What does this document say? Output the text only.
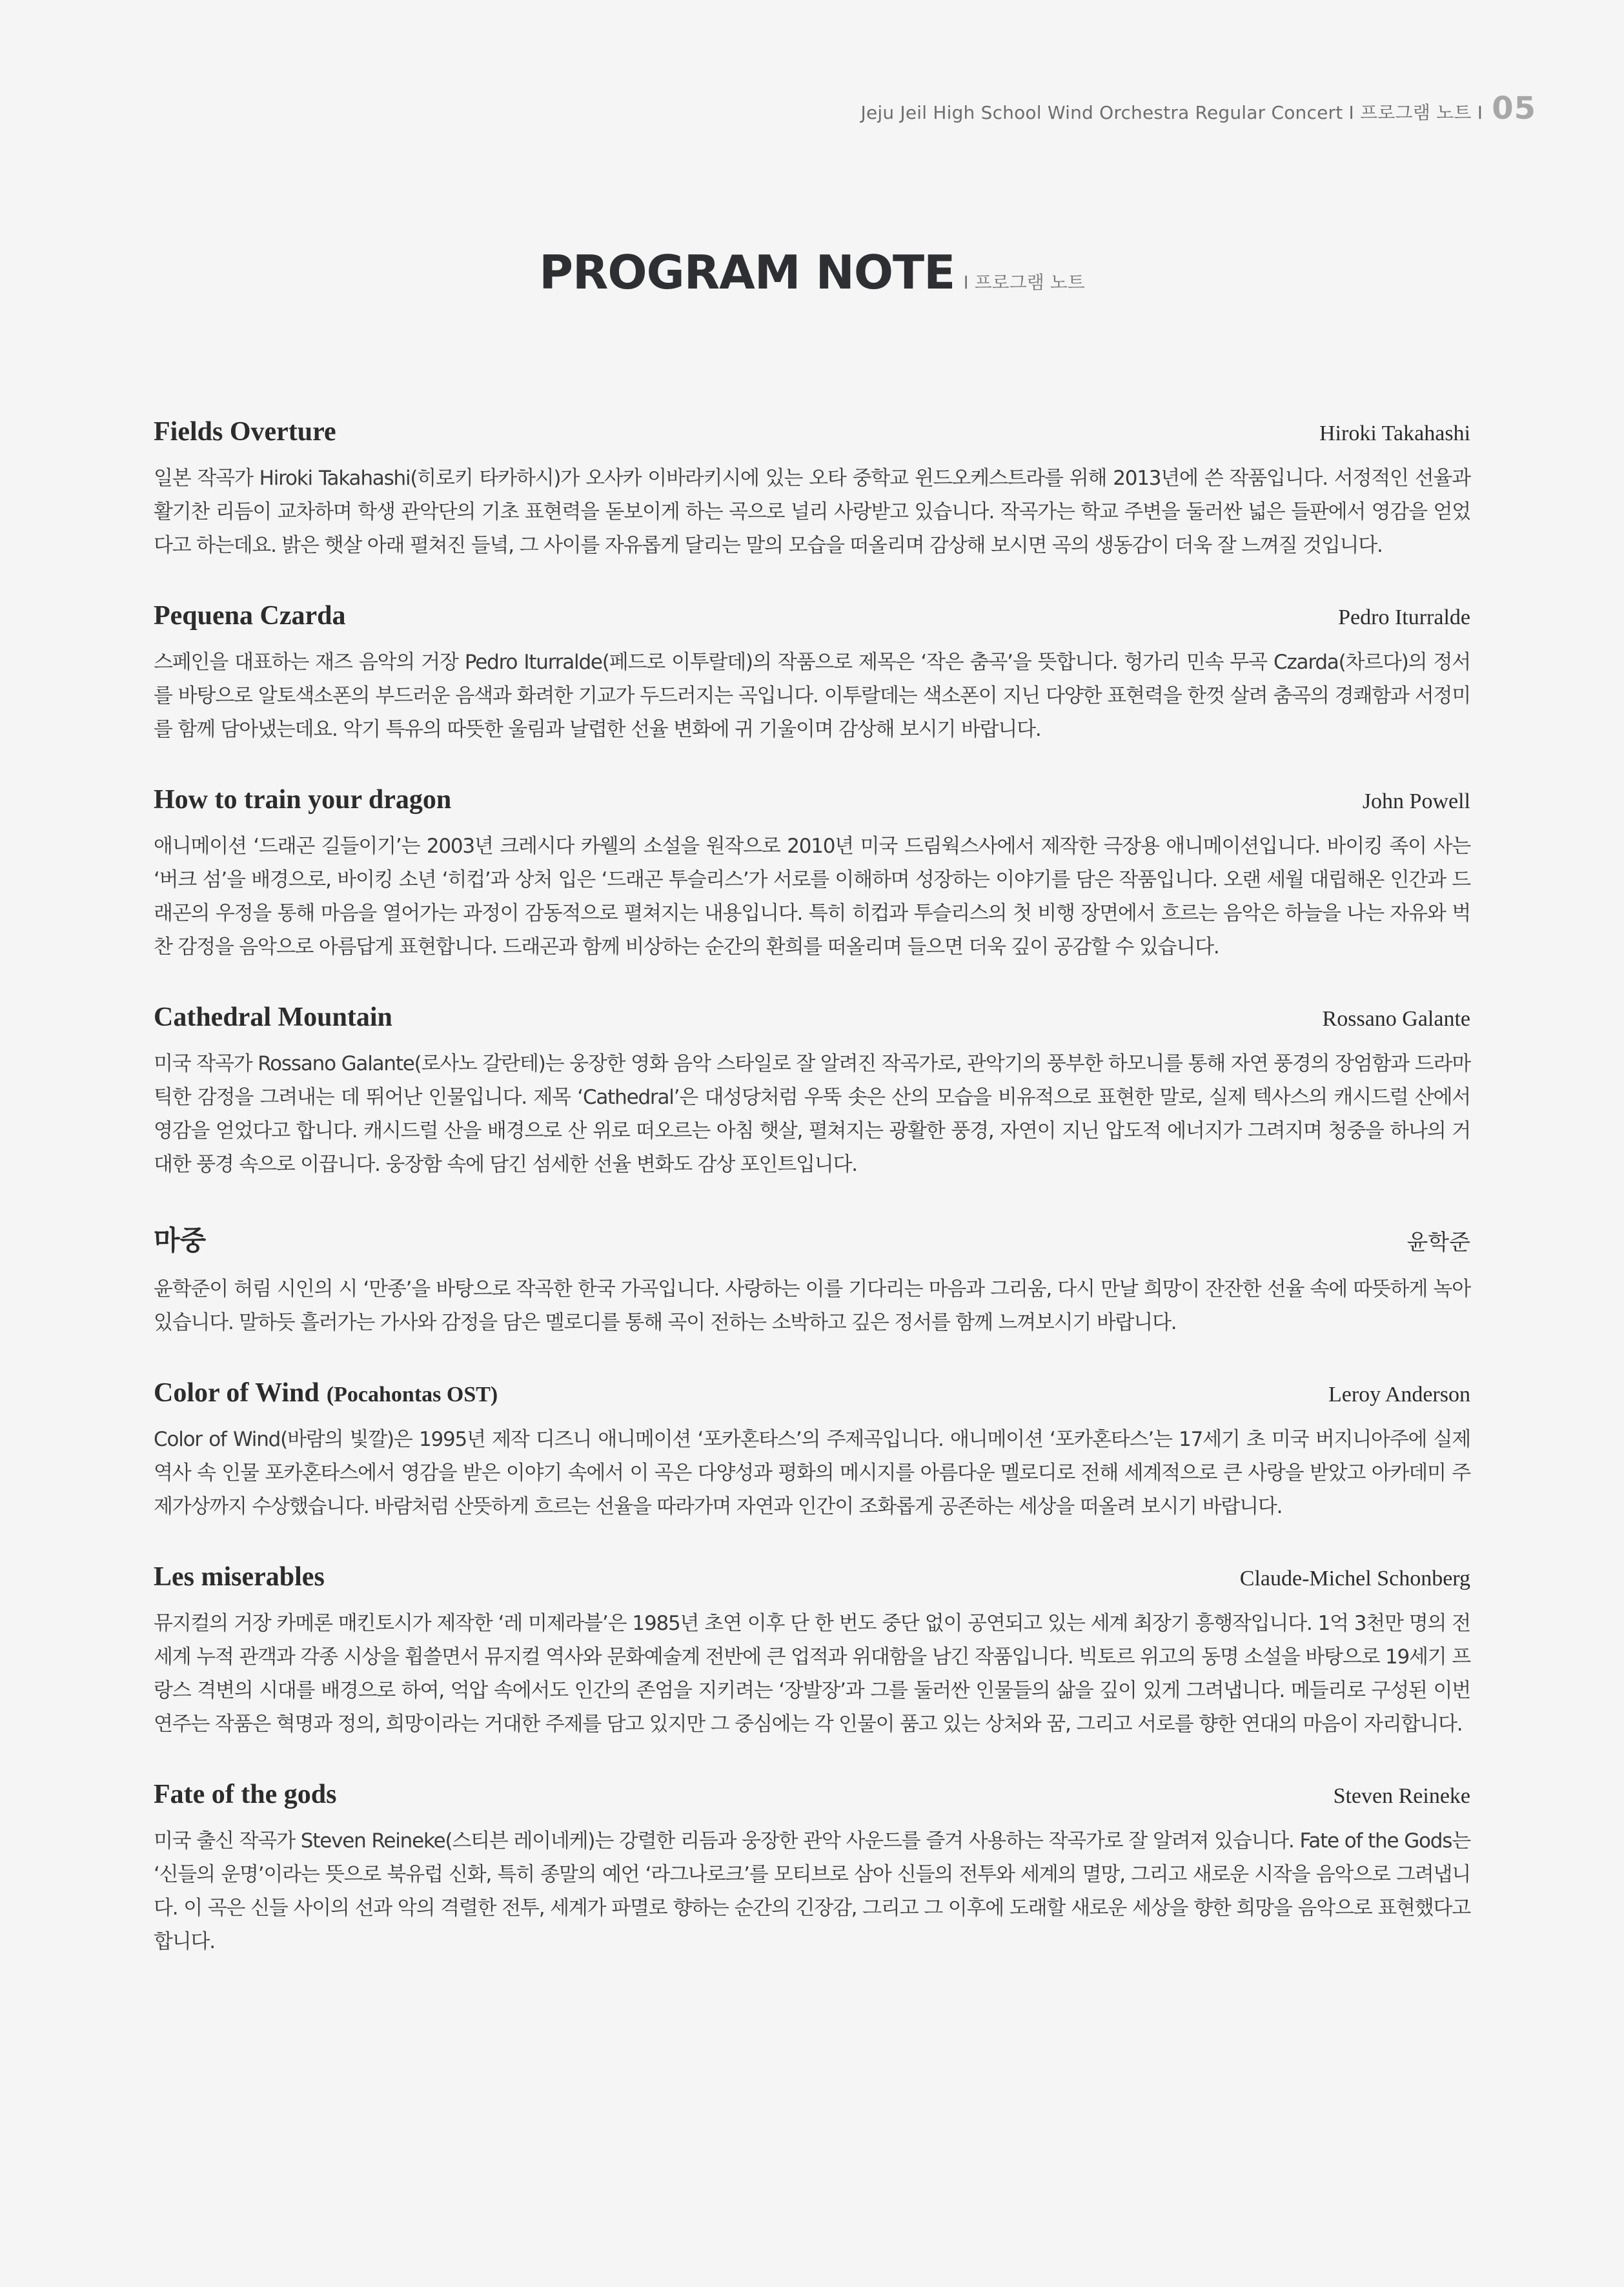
Jeju Jeil High School Wind Orchestra Regular Concert I 프로그램 노트 I 05
PROGRAM NOTE I 프로그램 노트
Fields Overture	Hiroki Takahashi

일본 작곡가 Hiroki Takahashi(히로키 타카하시)가 오사카 이바라키시에 있는 오타 중학교 윈드오케스트라를 위해 2013년에 쓴 작품입니다. 서정적인 선율과 활기찬 리듬이 교차하며 학생 관악단의 기초 표현력을 돋보이게 하는 곡으로 널리 사랑받고 있습니다. 작곡가는 학교 주변을 둘러싼 넓은 들판에서 영감을 얻었다고 하는데요. 밝은 햇살 아래 펼쳐진 들녘, 그 사이를 자유롭게 달리는 말의 모습을 떠올리며 감상해 보시면 곡의 생동감이 더욱 잘 느껴질 것입니다.

Pequena Czarda	Pedro Iturralde

스페인을 대표하는 재즈 음악의 거장 Pedro Iturralde(페드로 이투랄데)의 작품으로 제목은 ‘작은 춤곡’을 뜻합니다. 헝가리 민속 무곡 Czarda(차르다)의 정서를 바탕으로 알토색소폰의 부드러운 음색과 화려한 기교가 두드러지는 곡입니다. 이투랄데는 색소폰이 지닌 다양한 표현력을 한껏 살려 춤곡의 경쾌함과 서정미를 함께 담아냈는데요. 악기 특유의 따뜻한 울림과 날렵한 선율 변화에 귀 기울이며 감상해 보시기 바랍니다.

How to train your dragon	John Powell

애니메이션 ‘드래곤 길들이기’는 2003년 크레시다 카웰의 소설을 원작으로 2010년 미국 드림웍스사에서 제작한 극장용 애니메이션입니다. 바이킹 족이 사는 ‘버크 섬’을 배경으로, 바이킹 소년 ‘히컵’과 상처 입은 ‘드래곤 투슬리스’가 서로를 이해하며 성장하는 이야기를 담은 작품입니다. 오랜 세월 대립해온 인간과 드래곤의 우정을 통해 마음을 열어가는 과정이 감동적으로 펼쳐지는 내용입니다. 특히 히컵과 투슬리스의 첫 비행 장면에서 흐르는 음악은 하늘을 나는 자유와 벅찬 감정을 음악으로 아름답게 표현합니다. 드래곤과 함께 비상하는 순간의 환희를 떠올리며 들으면 더욱 깊이 공감할 수 있습니다.

Cathedral Mountain	Rossano Galante

미국 작곡가 Rossano Galante(로사노 갈란테)는 웅장한 영화 음악 스타일로 잘 알려진 작곡가로, 관악기의 풍부한 하모니를 통해 자연 풍경의 장엄함과 드라마틱한 감정을 그려내는 데 뛰어난 인물입니다. 제목 ‘Cathedral’은 대성당처럼 우뚝 솟은 산의 모습을 비유적으로 표현한 말로, 실제 텍사스의 캐시드럴 산에서 영감을 얻었다고 합니다. 캐시드럴 산을 배경으로 산 위로 떠오르는 아침 햇살, 펼쳐지는 광활한 풍경, 자연이 지닌 압도적 에너지가 그려지며 청중을 하나의 거대한 풍경 속으로 이끕니다. 웅장함 속에 담긴 섬세한 선율 변화도 감상 포인트입니다.

마중	윤학준

윤학준이 허림 시인의 시 ‘만종’을 바탕으로 작곡한 한국 가곡입니다. 사랑하는 이를 기다리는 마음과 그리움, 다시 만날 희망이 잔잔한 선율 속에 따뜻하게 녹아 있습니다. 말하듯 흘러가는 가사와 감정을 담은 멜로디를 통해 곡이 전하는 소박하고 깊은 정서를 함께 느껴보시기 바랍니다.

Color of Wind (Pocahontas OST)	Leroy Anderson

Color of Wind(바람의 빛깔)은 1995년 제작 디즈니 애니메이션 ‘포카혼타스’의 주제곡입니다. 애니메이션 ‘포카혼타스’는 17세기 초 미국 버지니아주에 실제 역사 속 인물 포카혼타스에서 영감을 받은 이야기 속에서 이 곡은 다양성과 평화의 메시지를 아름다운 멜로디로 전해 세계적으로 큰 사랑을 받았고 아카데미 주제가상까지 수상했습니다. 바람처럼 산뜻하게 흐르는 선율을 따라가며 자연과 인간이 조화롭게 공존하는 세상을 떠올려 보시기 바랍니다.

Les miserables	Claude-Michel Schonberg

뮤지컬의 거장 카메론 매킨토시가 제작한 ‘레 미제라블’은 1985년 초연 이후 단 한 번도 중단 없이 공연되고 있는 세계 최장기 흥행작입니다. 1억 3천만 명의 전 세계 누적 관객과 각종 시상을 휩쓸면서 뮤지컬 역사와 문화예술계 전반에 큰 업적과 위대함을 남긴 작품입니다. 빅토르 위고의 동명 소설을 바탕으로 19세기 프랑스 격변의 시대를 배경으로 하여, 억압 속에서도 인간의 존엄을 지키려는 ‘장발장’과 그를 둘러싼 인물들의 삶을 깊이 있게 그려냅니다. 메들리로 구성된 이번 연주는 작품은 혁명과 정의, 희망이라는 거대한 주제를 담고 있지만 그 중심에는 각 인물이 품고 있는 상처와 꿈, 그리고 서로를 향한 연대의 마음이 자리합니다.

Fate of the gods	Steven Reineke

미국 출신 작곡가 Steven Reineke(스티븐 레이네케)는 강렬한 리듬과 웅장한 관악 사운드를 즐겨 사용하는 작곡가로 잘 알려져 있습니다. Fate of the Gods는 ‘신들의 운명’이라는 뜻으로 북유럽 신화, 특히 종말의 예언 ‘라그나로크’를 모티브로 삼아 신들의 전투와 세계의 멸망, 그리고 새로운 시작을 음악으로 그려냅니다. 이 곡은 신들 사이의 선과 악의 격렬한 전투, 세계가 파멸로 향하는 순간의 긴장감, 그리고 그 이후에 도래할 새로운 세상을 향한 희망을 음악으로 표현했다고 합니다.
